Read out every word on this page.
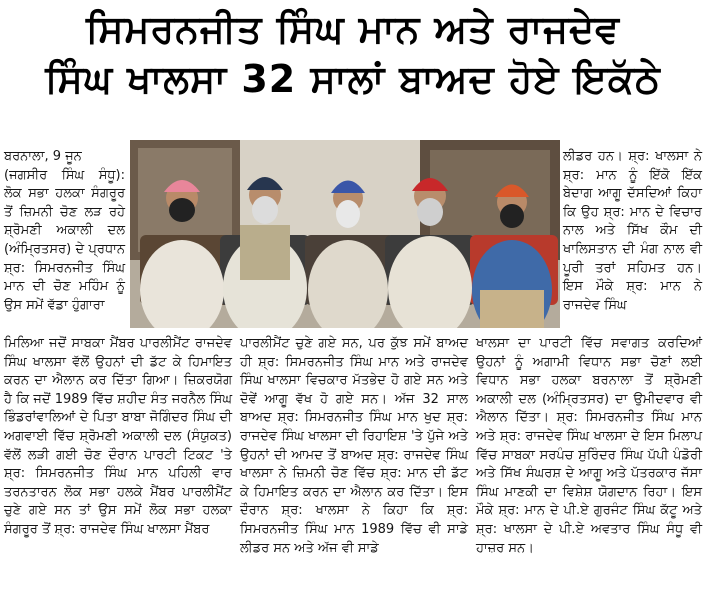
ਸਿਮਰਨਜੀਤ ਸਿੰਘ ਮਾਨ ਅਤੇ ਰਾਜਦੇਵ
ਸਿੰਘ ਖਾਲਸਾ 32 ਸਾਲਾਂ ਬਾਅਦ ਹੋਏ ਇਕੱਠੇ

ਬਰਨਾਲਾ, 9 ਜੂਨ
(ਜਗਸੀਰ ਸਿੰਘ ਸੰਧੂ): ਲੋਕ ਸਭਾ ਹਲਕਾ ਸੰਗਰੂਰ ਤੋਂ ਜ਼ਿਮਨੀ ਚੋਣ ਲੜ ਰਹੇ ਸ਼੍ਰੋਮਣੀ ਅਕਾਲੀ ਦਲ (ਅੰਮ੍ਰਿਤਸਰ) ਦੇ ਪ੍ਰਧਾਨ ਸ਼੍ਰ: ਸਿਮਰਨਜੀਤ ਸਿੰਘ ਮਾਨ ਦੀ ਚੋਣ ਮਹਿੰਮ ਨੂੰ ਉਸ ਸਮੇਂ ਵੱਡਾ ਹੁੰਗਾਰਾ

ਲੀਡਰ ਹਨ। ਸ਼੍ਰ: ਖਾਲਸਾ ਨੇ ਸ਼੍ਰ: ਮਾਨ ਨੂੰ ਇੱਕੋ ਇੱਕ ਬੇਦਾਗ ਆਗੂ ਦੱਸਦਿਆਂ ਕਿਹਾ ਕਿ ਉਹ ਸ਼੍ਰ: ਮਾਨ ਦੇ ਵਿਚਾਰ ਨਾਲ ਅਤੇ ਸਿੱਖ ਕੌਮ ਦੀ ਖਾਲਿਸਤਾਨ ਦੀ ਮੰਗ ਨਾਲ ਵੀ ਪੂਰੀ ਤਰਾਂ ਸਹਿਮਤ ਹਨ। ਇਸ ਮੌਕੇ ਸ਼੍ਰ: ਮਾਨ ਨੇ ਰਾਜਦੇਵ ਸਿੰਘ

ਮਿਲਿਆ ਜਦੋਂ ਸਾਬਕਾ ਮੈਂਬਰ ਪਾਰਲੀਮੈਂਟ ਰਾਜਦੇਵ ਸਿੰਘ ਖਾਲਸਾ ਵੱਲੋਂ ਉਹਨਾਂ ਦੀ ਡੱਟ ਕੇ ਹਿਮਾਇਤ ਕਰਨ ਦਾ ਐਲਾਨ ਕਰ ਦਿੱਤਾ ਗਿਆ। ਜ਼ਿਕਰਯੋਗ ਹੈ ਕਿ ਜਦੋਂ 1989 ਵਿੱਚ ਸ਼ਹੀਦ ਸੰਤ ਜਰਨੈਲ ਸਿੰਘ ਭਿੰਡਰਾਂਵਾਲਿਆਂ ਦੇ ਪਿਤਾ ਬਾਬਾ ਜੋਗਿੰਦਰ ਸਿੰਘ ਦੀ ਅਗਵਾਈ ਵਿੱਚ ਸ਼੍ਰੋਮਣੀ ਅਕਾਲੀ ਦਲ (ਸੰਯੁਕਤ) ਵੱਲੋਂ ਲੜੀ ਗਈ ਚੋਣ ਦੌਰਾਨ ਪਾਰਟੀ ਟਿਕਟ 'ਤੇ ਸ਼੍ਰ: ਸਿਮਰਨਜੀਤ ਸਿੰਘ ਮਾਨ ਪਹਿਲੀ ਵਾਰ ਤਰਨਤਾਰਨ ਲੋਕ ਸਭਾ ਹਲਕੇ ਮੈਂਬਰ ਪਾਰਲੀਮੈਂਟ ਚੁਣੇ ਗਏ ਸਨ ਤਾਂ ਉਸ ਸਮੇਂ ਲੋਕ ਸਭਾ ਹਲਕਾ ਸੰਗਰੂਰ ਤੋਂ ਸ਼੍ਰ: ਰਾਜਦੇਵ ਸਿੰਘ ਖਾਲਸਾ ਮੈਂਬਰ

ਪਾਰਲੀਮੈਂਟ ਚੁਣੇ ਗਏ ਸਨ, ਪਰ ਕੁੱਝ ਸਮੇਂ ਬਾਅਦ ਹੀ ਸ਼੍ਰ: ਸਿਮਰਨਜੀਤ ਸਿੰਘ ਮਾਨ ਅਤੇ ਰਾਜਦੇਵ ਸਿੰਘ ਖਾਲਸਾ ਵਿਚਕਾਰ ਮੱਤਭੇਦ ਹੋ ਗਏ ਸਨ ਅਤੇ ਦੋਵੇਂ ਆਗੂ ਵੱਖ ਹੋ ਗਏ ਸਨ। ਅੱਜ 32 ਸਾਲ ਬਾਅਦ ਸ਼੍ਰ: ਸਿਮਰਨਜੀਤ ਸਿੰਘ ਮਾਨ ਖੁਦ ਸ਼੍ਰ: ਰਾਜਦੇਵ ਸਿੰਘ ਖਾਲਸਾ ਦੀ ਰਿਹਾਇਸ਼ 'ਤੇ ਪੁੱਜੇ ਅਤੇ ਉਹਨਾਂ ਦੀ ਆਮਦ ਤੋਂ ਬਾਅਦ ਸ਼੍ਰ: ਰਾਜਦੇਵ ਸਿੰਘ ਖਾਲਸਾ ਨੇ ਜ਼ਿਮਨੀ ਚੋਣ ਵਿੱਚ ਸ਼੍ਰ: ਮਾਨ ਦੀ ਡੱਟ ਕੇ ਹਿਮਾਇਤ ਕਰਨ ਦਾ ਐਲਾਨ ਕਰ ਦਿੱਤਾ। ਇਸ ਦੌਰਾਨ ਸ਼੍ਰ: ਖਾਲਸਾ ਨੇ ਕਿਹਾ ਕਿ ਸ਼੍ਰ: ਸਿਮਰਨਜੀਤ ਸਿੰਘ ਮਾਨ 1989 ਵਿੱਚ ਵੀ ਸਾਡੇ ਲੀਡਰ ਸਨ ਅਤੇ ਅੱਜ ਵੀ ਸਾਡੇ

ਖਾਲਸਾ ਦਾ ਪਾਰਟੀ ਵਿੱਚ ਸਵਾਗਤ ਕਰਦਿਆਂ ਉਹਨਾਂ ਨੂੰ ਅਗਾਮੀ ਵਿਧਾਨ ਸਭਾ ਚੋਣਾਂ ਲਈ ਵਿਧਾਨ ਸਭਾ ਹਲਕਾ ਬਰਨਾਲਾ ਤੋਂ ਸ਼੍ਰੋਮਣੀ ਅਕਾਲੀ ਦਲ (ਅੰਮ੍ਰਿਤਸਰ) ਦਾ ਉਮੀਦਵਾਰ ਵੀ ਐਲਾਨ ਦਿੱਤਾ। ਸ਼੍ਰ: ਸਿਮਰਨਜੀਤ ਸਿੰਘ ਮਾਨ ਅਤੇ ਸ਼੍ਰ: ਰਾਜਦੇਵ ਸਿੰਘ ਖਾਲਸਾ ਦੇ ਇਸ ਮਿਲਾਪ ਵਿੱਚ ਸਾਬਕਾ ਸਰਪੰਚ ਸੁਰਿੰਦਰ ਸਿੰਘ ਪੱਪੀ ਪੰਡੋਰੀ ਅਤੇ ਸਿੱਖ ਸੰਘਰਸ਼ ਦੇ ਆਗੂ ਅਤੇ ਪੱਤਰਕਾਰ ਜੱਸਾ ਸਿੰਘ ਮਾਣਕੀ ਦਾ ਵਿਸ਼ੇਸ਼ ਯੋਗਦਾਨ ਰਿਹਾ। ਇਸ ਮੌਕੇ ਸ਼੍ਰ: ਮਾਨ ਦੇ ਪੀ.ਏ ਗੁਰਜੰਟ ਸਿੰਘ ਕੱਟੂ ਅਤੇ ਸ਼੍ਰ: ਖਾਲਸਾ ਦੇ ਪੀ.ਏ ਅਵਤਾਰ ਸਿੰਘ ਸੰਧੂ ਵੀ ਹਾਜ਼ਰ ਸਨ।
